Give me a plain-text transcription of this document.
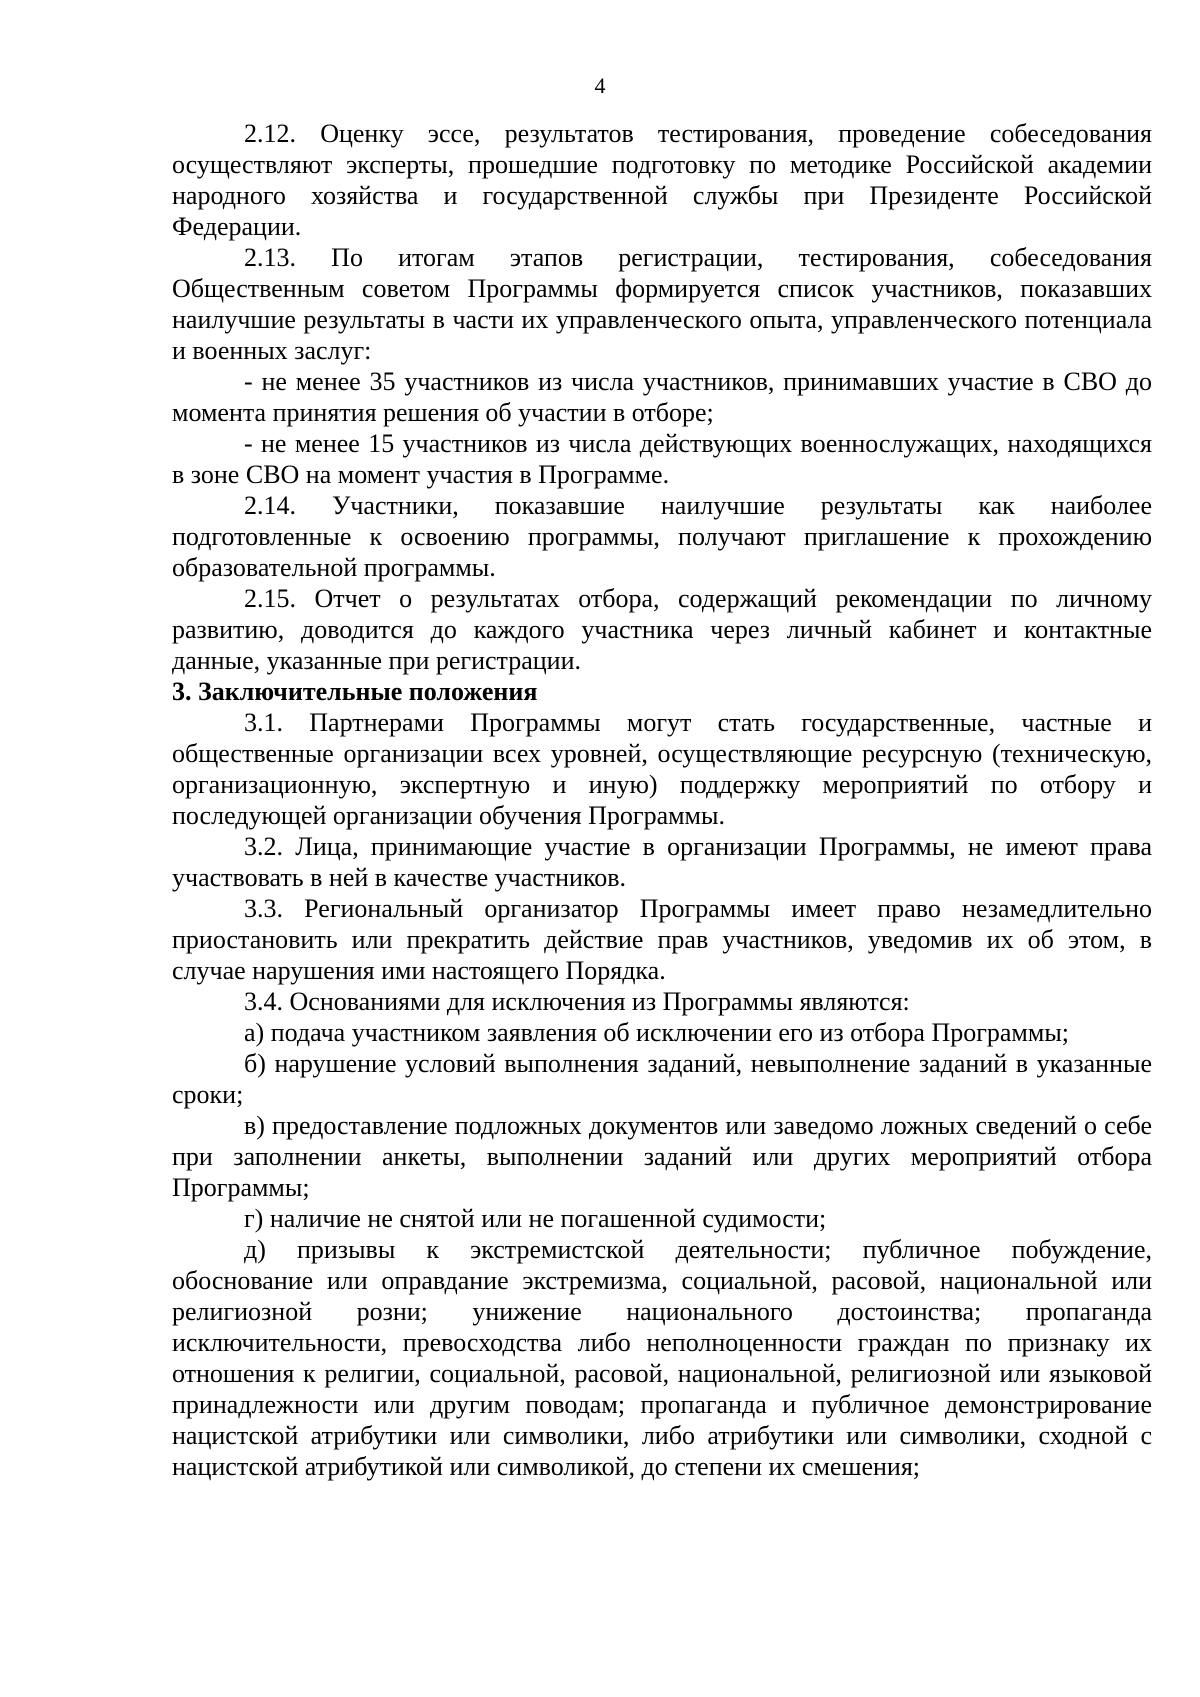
4

2.12. Оценку эссе, результатов тестирования, проведение собеседования осуществляют эксперты, прошедшие подготовку по методике Российской академии народного хозяйства и государственной службы при Президенте Российской Федерации.

2.13. По итогам этапов регистрации, тестирования, собеседования Общественным советом Программы формируется список участников, показавших наилучшие результаты в части их управленческого опыта, управленческого потенциала и военных заслуг:

- не менее 35 участников из числа участников, принимавших участие в СВО до момента принятия решения об участии в отборе;

- не менее 15 участников из числа действующих военнослужащих, находящихся в зоне СВО на момент участия в Программе.

2.14. Участники, показавшие наилучшие результаты как наиболее подготовленные к освоению программы, получают приглашение к прохождению образовательной программы.

2.15. Отчет о результатах отбора, содержащий рекомендации по личному развитию, доводится до каждого участника через личный кабинет и контактные данные, указанные при регистрации.

3. Заключительные положения

3.1. Партнерами Программы могут стать государственные, частные и общественные организации всех уровней, осуществляющие ресурсную (техническую, организационную, экспертную и иную) поддержку мероприятий по отбору и последующей организации обучения Программы.

3.2. Лица, принимающие участие в организации Программы, не имеют права участвовать в ней в качестве участников.

3.3. Региональный организатор Программы имеет право незамедлительно приостановить или прекратить действие прав участников, уведомив их об этом, в случае нарушения ими настоящего Порядка.

3.4. Основаниями для исключения из Программы являются:

а) подача участником заявления об исключении его из отбора Программы;

б) нарушение условий выполнения заданий, невыполнение заданий в указанные сроки;

в) предоставление подложных документов или заведомо ложных сведений о себе при заполнении анкеты, выполнении заданий или других мероприятий отбора Программы;

г) наличие не снятой или не погашенной судимости;

д) призывы к экстремистской деятельности; публичное побуждение, обоснование или оправдание экстремизма, социальной, расовой, национальной или религиозной розни; унижение национального достоинства; пропаганда исключительности, превосходства либо неполноценности граждан по признаку их отношения к религии, социальной, расовой, национальной, религиозной или языковой принадлежности или другим поводам; пропаганда и публичное демонстрирование нацистской атрибутики или символики, либо атрибутики или символики, сходной с нацистской атрибутикой или символикой, до степени их смешения;
